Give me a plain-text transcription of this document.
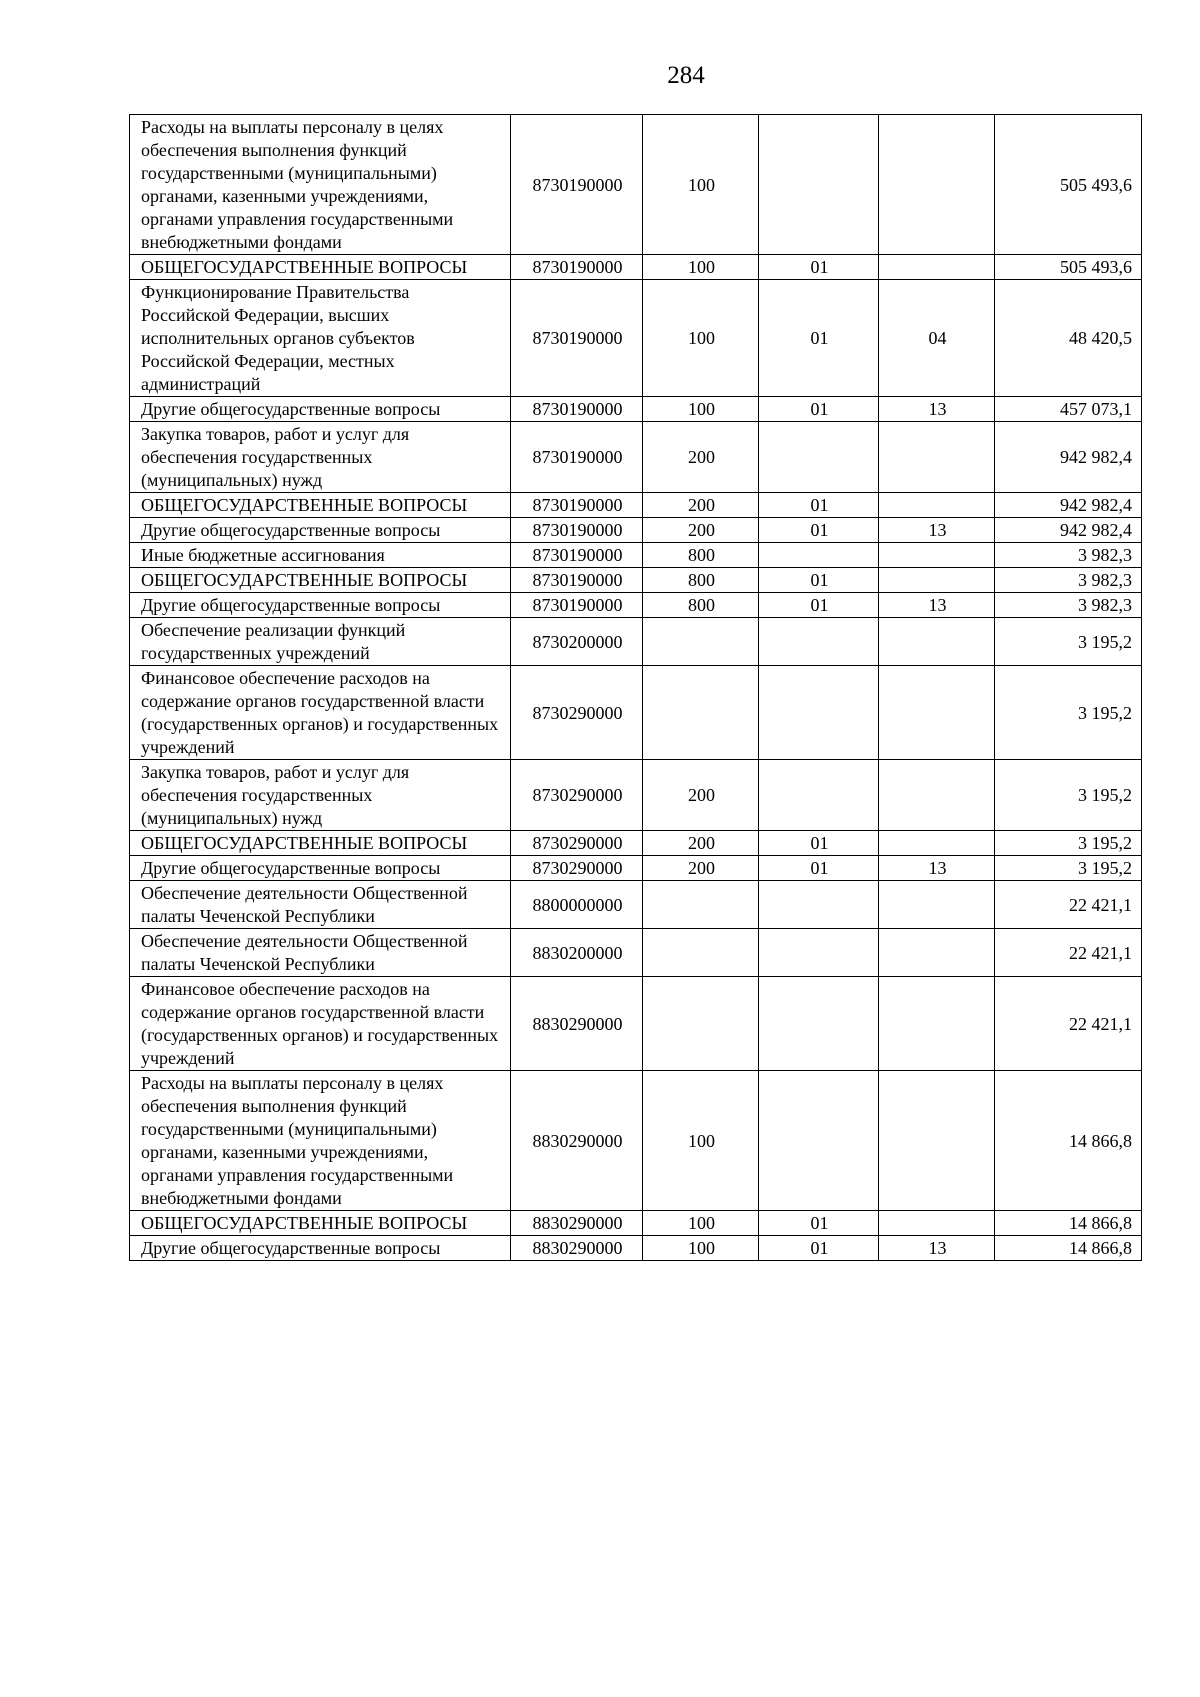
284
Расходы на выплаты персоналу в целях обеспечения выполнения функций государственными (муниципальными) органами, казенными учреждениями, органами управления государственными внебюджетными фондами	8730190000	100			505 493,6
ОБЩЕГОСУДАРСТВЕННЫЕ ВОПРОСЫ	8730190000	100	01		505 493,6
Функционирование Правительства Российской Федерации, высших исполнительных органов субъектов Российской Федерации, местных администраций	8730190000	100	01	04	48 420,5
Другие общегосударственные вопросы	8730190000	100	01	13	457 073,1
Закупка товаров, работ и услуг для обеспечения государственных (муниципальных) нужд	8730190000	200			942 982,4
ОБЩЕГОСУДАРСТВЕННЫЕ ВОПРОСЫ	8730190000	200	01		942 982,4
Другие общегосударственные вопросы	8730190000	200	01	13	942 982,4
Иные бюджетные ассигнования	8730190000	800			3 982,3
ОБЩЕГОСУДАРСТВЕННЫЕ ВОПРОСЫ	8730190000	800	01		3 982,3
Другие общегосударственные вопросы	8730190000	800	01	13	3 982,3
Обеспечение реализации функций государственных учреждений	8730200000				3 195,2
Финансовое обеспечение расходов на содержание органов государственной власти (государственных органов) и государственных учреждений	8730290000				3 195,2
Закупка товаров, работ и услуг для обеспечения государственных (муниципальных) нужд	8730290000	200			3 195,2
ОБЩЕГОСУДАРСТВЕННЫЕ ВОПРОСЫ	8730290000	200	01		3 195,2
Другие общегосударственные вопросы	8730290000	200	01	13	3 195,2
Обеспечение деятельности Общественной палаты Чеченской Республики	8800000000				22 421,1
Обеспечение деятельности Общественной палаты Чеченской Республики	8830200000				22 421,1
Финансовое обеспечение расходов на содержание органов государственной власти (государственных органов) и государственных учреждений	8830290000				22 421,1
Расходы на выплаты персоналу в целях обеспечения выполнения функций государственными (муниципальными) органами, казенными учреждениями, органами управления государственными внебюджетными фондами	8830290000	100			14 866,8
ОБЩЕГОСУДАРСТВЕННЫЕ ВОПРОСЫ	8830290000	100	01		14 866,8
Другие общегосударственные вопросы	8830290000	100	01	13	14 866,8
